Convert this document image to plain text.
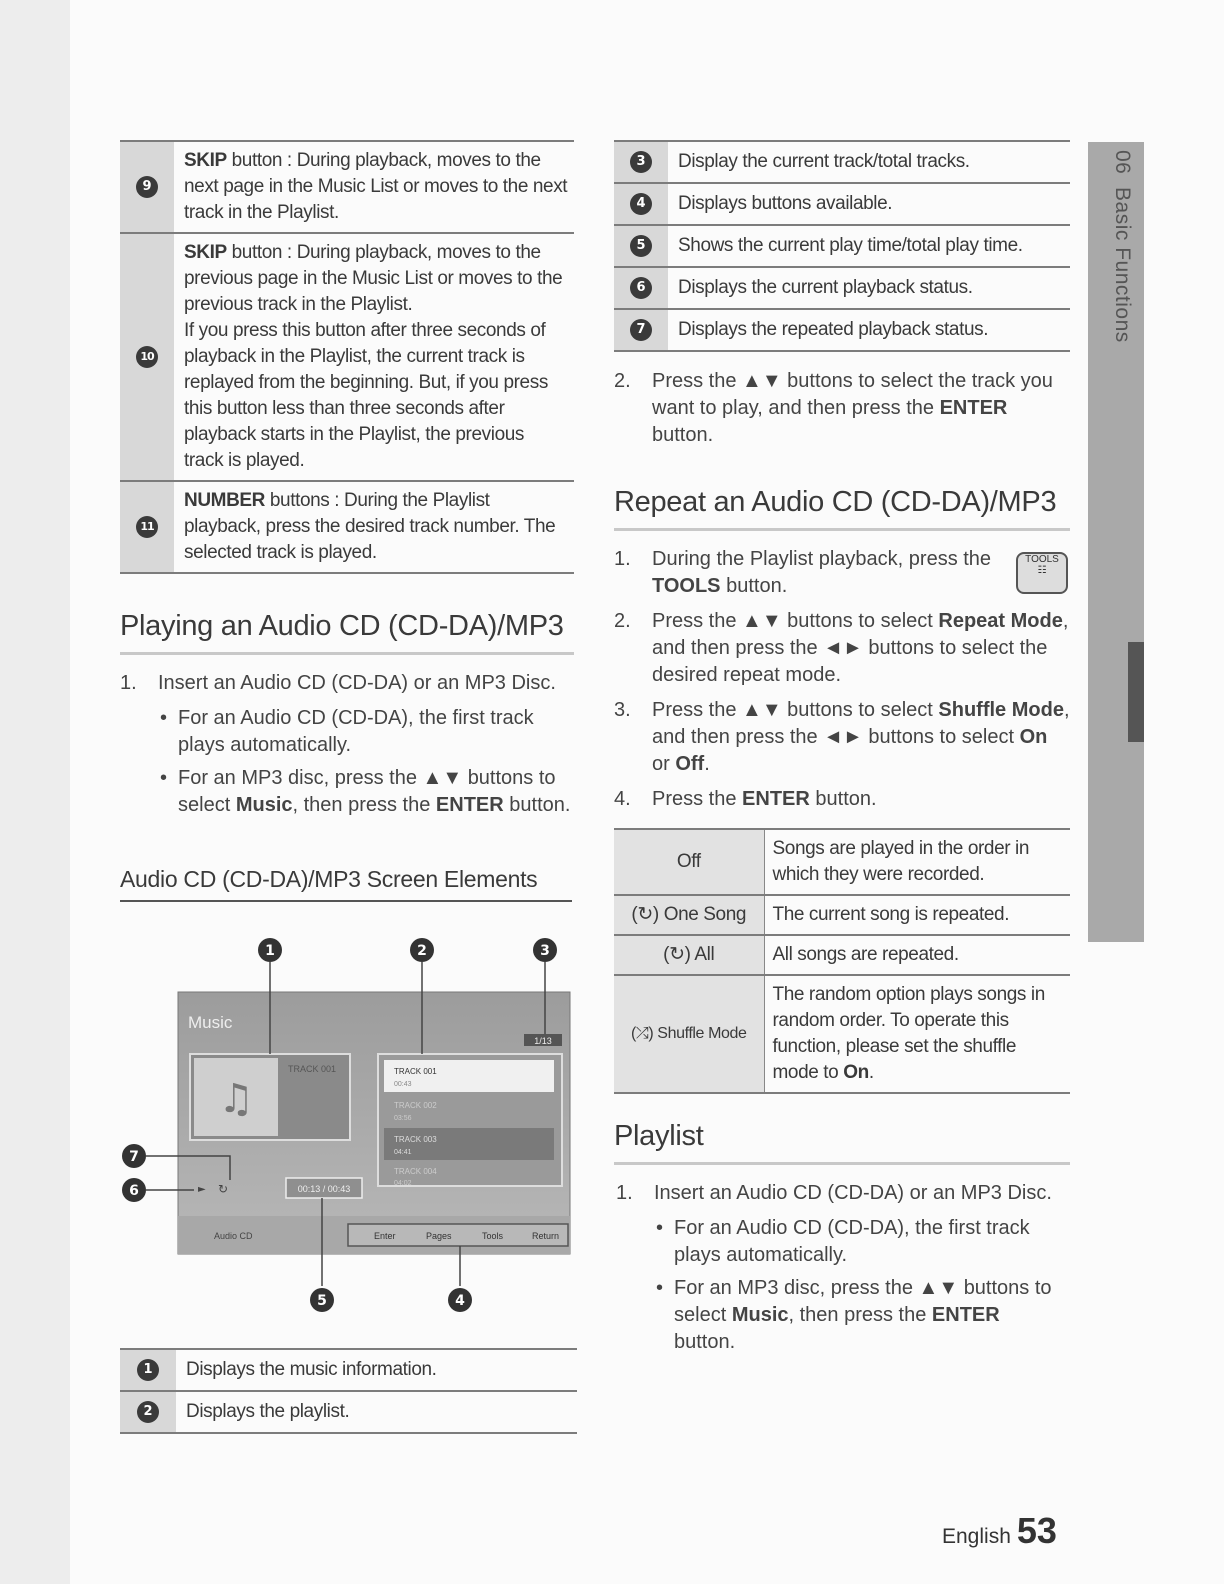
9	SKIP button : During playback, moves to the next page in the Music List or moves to the next track in the Playlist.
10	SKIP button : During playback, moves to the previous page in the Music List or moves to the previous track in the Playlist.
If you press this button after three seconds of playback in the Playlist, the current track is replayed from the beginning. But, if you press this button less than three seconds after playback starts in the Playlist, the previous track is played.
11	NUMBER buttons : During the Playlist playback, press the desired track number. The selected track is played.
Playing an Audio CD (CD-DA)/MP3
1. Insert an Audio CD (CD-DA) or an MP3 Disc.
• For an Audio CD (CD-DA), the first track plays automatically.
• For an MP3 disc, press the ▲▼ buttons to select Music, then press the ENTER button.
Audio CD (CD-DA)/MP3 Screen Elements
Music
1/13
♫
TRACK 001	TRACK 001
00:43
TRACK 002
03:56
TRACK 003
04:41
TRACK 004
04:02
► ↻	00:13 / 00:43
Audio CD	Enter	Pages	Tools	Return
1	2	3
4
5
6
7
1	Displays the music information.
2	Displays the playlist.
3	Display the current track/total tracks.
4	Displays buttons available.
5	Shows the current play time/total play time.
6	Displays the current playback status.
7	Displays the repeated playback status.
2. Press the ▲▼ buttons to select the track you want to play, and then press the ENTER button.
Repeat an Audio CD (CD-DA)/MP3
TOOLS
☷
1. During the Playlist playback, press the TOOLS button.
2. Press the ▲▼ buttons to select Repeat Mode, and then press the ◄► buttons to select the desired repeat mode.
3. Press the ▲▼ buttons to select Shuffle Mode, and then press the ◄► buttons to select On or Off.
4. Press the ENTER button.
Off	Songs are played in the order in which they were recorded.
(↻) One Song	The current song is repeated.
(↻) All	All songs are repeated.
(⤮) Shuffle Mode	The random option plays songs in random order. To operate this function, please set the shuffle mode to On.
Playlist
1. Insert an Audio CD (CD-DA) or an MP3 Disc.
• For an Audio CD (CD-DA), the first track plays automatically.
• For an MP3 disc, press the ▲▼ buttons to select Music, then press the ENTER button.
06  Basic Functions
English 53
